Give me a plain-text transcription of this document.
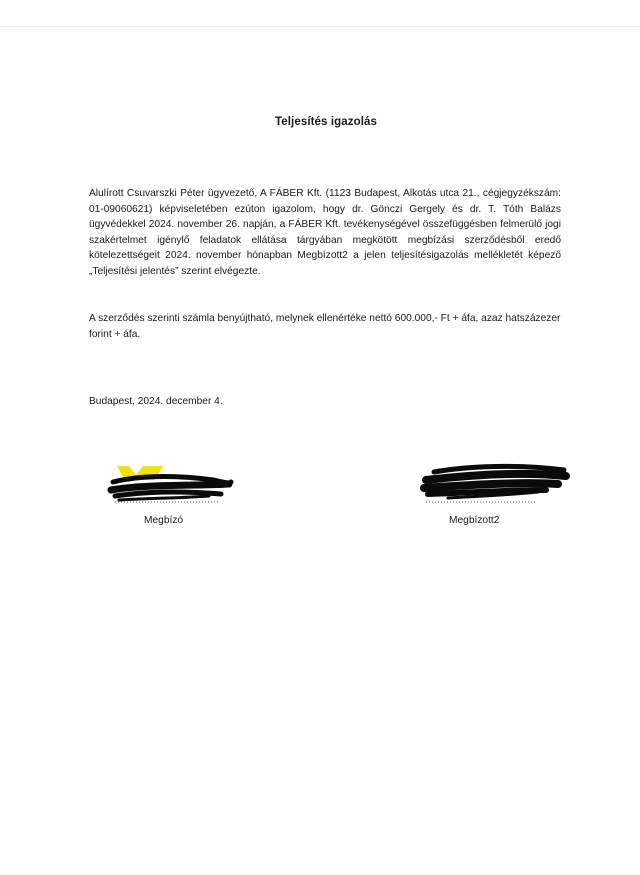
Teljesítés igazolás
Alulírott Csuvarszki Péter ügyvezető, A FÁBER Kft. (1123 Budapest, Alkotás utca 21., cégjegyzékszám: 01-09060621) képviseletében ezúton igazolom, hogy dr. Gönczi Gergely és dr. T. Tóth Balázs ügyvédekkel 2024. november 26. napján, a FÁBER Kft. tevékenységével összefüggésben felmerülő jogi szakértelmet igénylő feladatok ellátása tárgyában megkötött megbízási szerződésből eredő kötelezettségeit 2024. november hónapban Megbízott2 a jelen teljesítésigazolás mellékletét képező „Teljesítési jelentés” szerint elvégezte.
A szerződés szerinti számla benyújtható, melynek ellenértéke nettó 600.000,- Ft + áfa, azaz hatszázezer forint + áfa.
Budapest, 2024. december 4.
Megbízó	Megbízott2
